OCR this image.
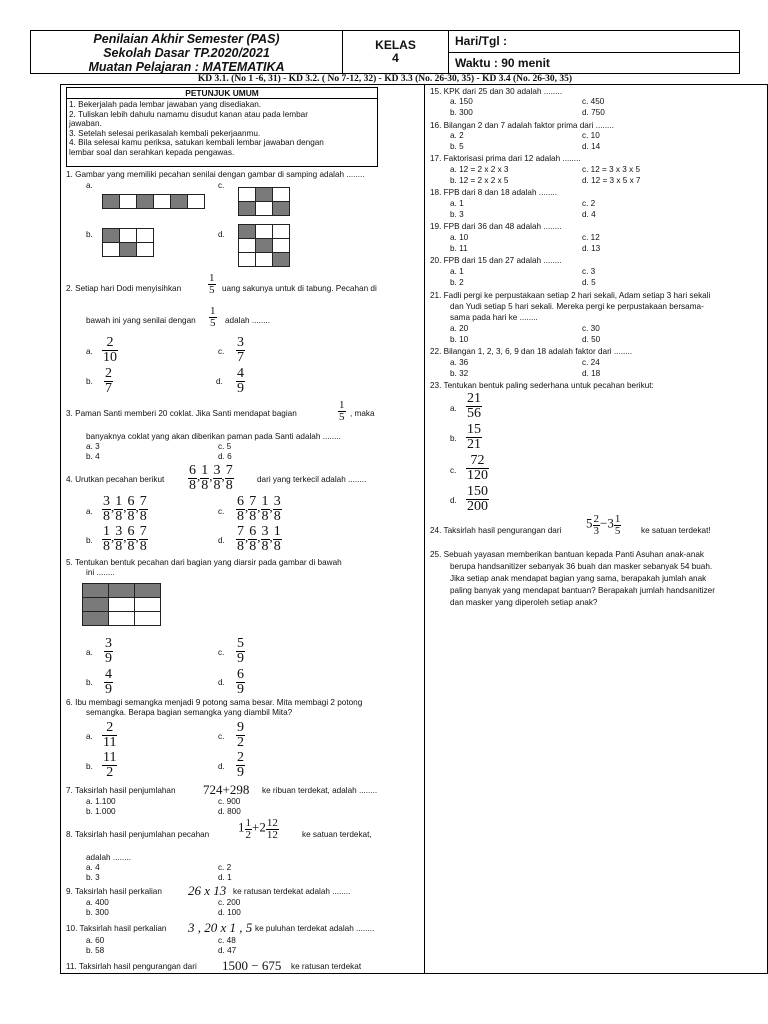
Penilaian Akhir Semester (PAS)
Sekolah Dasar TP.2020/2021
Muatan Pelajaran : MATEMATIKA
KELAS
4
Hari/Tgl :
Waktu : 90 menit
KD 3.1. (No 1 -6, 31) - KD 3.2. ( No 7-12, 32) - KD 3.3 (No. 26-30, 35) - KD 3.4 (No. 26-30, 35)
PETUNJUK UMUM
1. Bekerjalah pada lembar jawaban yang disediakan.
2. Tuliskan lebih dahulu namamu disudut kanan atau pada lembar
jawaban.
3. Setelah selesai perikasalah kembali pekerjaanmu.
4. Bila selesai kamu periksa, satukan kembali lembar jawaban dengan
lembar soal dan serahkan kepada pengawas.
1. Gambar yang memiliki pecahan senilai dengan gambar di samping adalah ........
a.	c.
b.	d.

2. Setiap hari Dodi menyisihkan $\frac{1}{5}$ uang sakunya untuk di tabung. Pecahan di
bawah ini yang senilai dengan $\frac{1}{5}$ adalah ........
a. $\frac{2}{10}$	c. $\frac{3}{7}$
b. $\frac{2}{7}$	d. $\frac{4}{9}$
3. Paman Santi memberi 20 coklat. Jika Santi mendapat bagian	$\frac{1}{5}$ , maka
banyaknya coklat yang akan diberikan paman pada Santi adalah ........
a. 3	c. 5
b. 4	d. 6
4. Urutkan pecahan berikut $\frac{6}{8}$ , $\frac{1}{8}$ , $\frac{3}{8}$ , $\frac{7}{8}$	dari yang terkecil adalah ........
a. $\frac{3}{8}$ , $\frac{1}{8}$ , $\frac{6}{8}$ , $\frac{7}{8}$	c. $\frac{6}{8}$ , $\frac{7}{8}$ , $\frac{1}{8}$ , $\frac{3}{8}$
b. $\frac{1}{8}$ , $\frac{3}{8}$ , $\frac{6}{8}$ , $\frac{7}{8}$	d. $\frac{7}{8}$ , $\frac{6}{8}$ , $\frac{3}{8}$ , $\frac{1}{8}$
5. Tentukan bentuk pecahan dari bagian yang diarsir pada gambar di bawah
ini ........

a. $\frac{3}{9}$	c. $\frac{5}{9}$
b. $\frac{4}{9}$	d. $\frac{6}{9}$
6. Ibu membagi semangka menjadi 9 potong sama besar. Mita membagi 2 potong
semangka. Berapa bagian semangka yang diambil Mita?
a. $\frac{2}{11}$	c. $\frac{9}{2}$
b. $\frac{11}{2}$	d. $\frac{2}{9}$
7. Taksirlah hasil penjumlahan 724+298 ke ribuan terdekat, adalah ........
a. 1.100	c. 900
b. 1.000	d. 800
8. Taksirlah hasil penjumlahan pecahan $1 \frac{1}{2} +2 \frac{12}{12}$	ke satuan terdekat,
adalah ........
a. 4	c. 2
b. 3	d. 1
9. Taksirlah hasil perkalian 26 x 13 ke ratusan terdekat adalah ........
a. 400	c. 200
b. 300	d. 100
10. Taksirlah hasil perkalian 3 , 20 x 1 , 5 ke puluhan terdekat adalah ........
a. 60	c. 48
b. 58	d. 47
11. Taksirlah hasil pengurangan dari 1500 − 675 ke ratusan terdekat
15. KPK dari 25 dan 30 adalah ........
a. 150	c. 450
b. 300	d. 750
16. Bilangan 2 dan 7 adalah faktor prima dari ........
a. 2	c. 10
b. 5	d. 14
17. Faktorisasi prima dari 12 adalah ........
a. 12 = 2 x 2 x 3	c. 12 = 3 x 3 x 5
b. 12 = 2 x 2 x 5	d. 12 = 3 x 5 x 7
18. FPB dari 8 dan 18 adalah ........
a. 1	c. 2
b. 3	d. 4
19. FPB dari 36 dan 48 adalah ........
a. 10	c. 12
b. 11	d. 13
20. FPB dari 15 dan 27 adalah ........
a. 1	c. 3
b. 2	d. 5
21. Fadli pergi ke perpustakaan setiap 2 hari sekali, Adam setiap 3 hari sekali
dan Yudi setiap 5 hari sekali. Mereka pergi ke perpustakaan bersama-
sama pada hari ke ........
a. 20	c. 30
b. 10	d. 50
22. Bilangan 1, 2, 3, 6, 9 dan 18 adalah faktor dari ........
a. 36	c. 24
b. 32	d. 18
23. Tentukan bentuk paling sederhana untuk pecahan berikut:
a. $\frac{21}{56}$
b. $\frac{15}{21}$
c. $\frac{72}{120}$
d. $\frac{150}{200}$
24. Taksirlah hasil pengurangan dari $5 \frac{2}{3} -3 \frac{1}{5}$ ke satuan terdekat!
25. Sebuah yayasan memberikan bantuan kepada Panti Asuhan anak-anak
berupa handsanitizer sebanyak 36 buah dan masker sebanyak 54 buah.
Jika setiap anak mendapat bagian yang sama, berapakah jumlah anak
paling banyak yang mendapat bantuan? Berapakah jumlah handsanitizer
dan masker yang diperoleh setiap anak?
